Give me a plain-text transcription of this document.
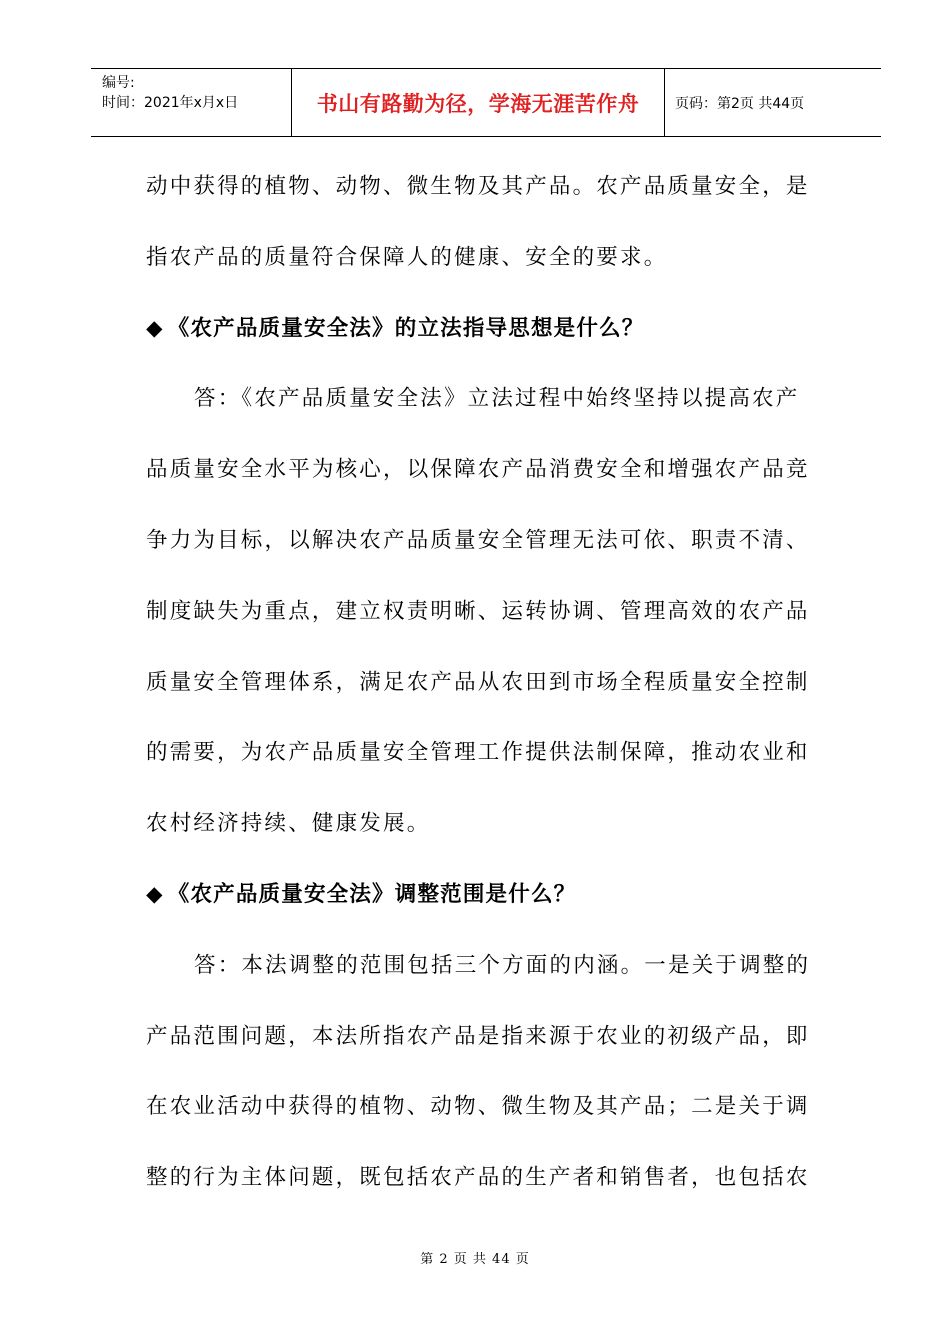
编号:
时间：2021年x月x日	书山有路勤为径，学海无涯苦作舟	页码：第2页 共44页

动中获得的植物、动物、微生物及其产品。农产品质量安全，是

指农产品的质量符合保障人的健康、安全的要求。

◆ 《农产品质量安全法》的立法指导思想是什么？

答：《农产品质量安全法》立法过程中始终坚持以提高农产

品质量安全水平为核心，以保障农产品消费安全和增强农产品竞

争力为目标，以解决农产品质量安全管理无法可依、职责不清、

制度缺失为重点，建立权责明晰、运转协调、管理高效的农产品

质量安全管理体系，满足农产品从农田到市场全程质量安全控制

的需要，为农产品质量安全管理工作提供法制保障，推动农业和

农村经济持续、健康发展。

◆ 《农产品质量安全法》调整范围是什么？

答：本法调整的范围包括三个方面的内涵。一是关于调整的

产品范围问题，本法所指农产品是指来源于农业的初级产品，即

在农业活动中获得的植物、动物、微生物及其产品；二是关于调

整的行为主体问题，既包括农产品的生产者和销售者，也包括农

第 2 页 共 44 页
